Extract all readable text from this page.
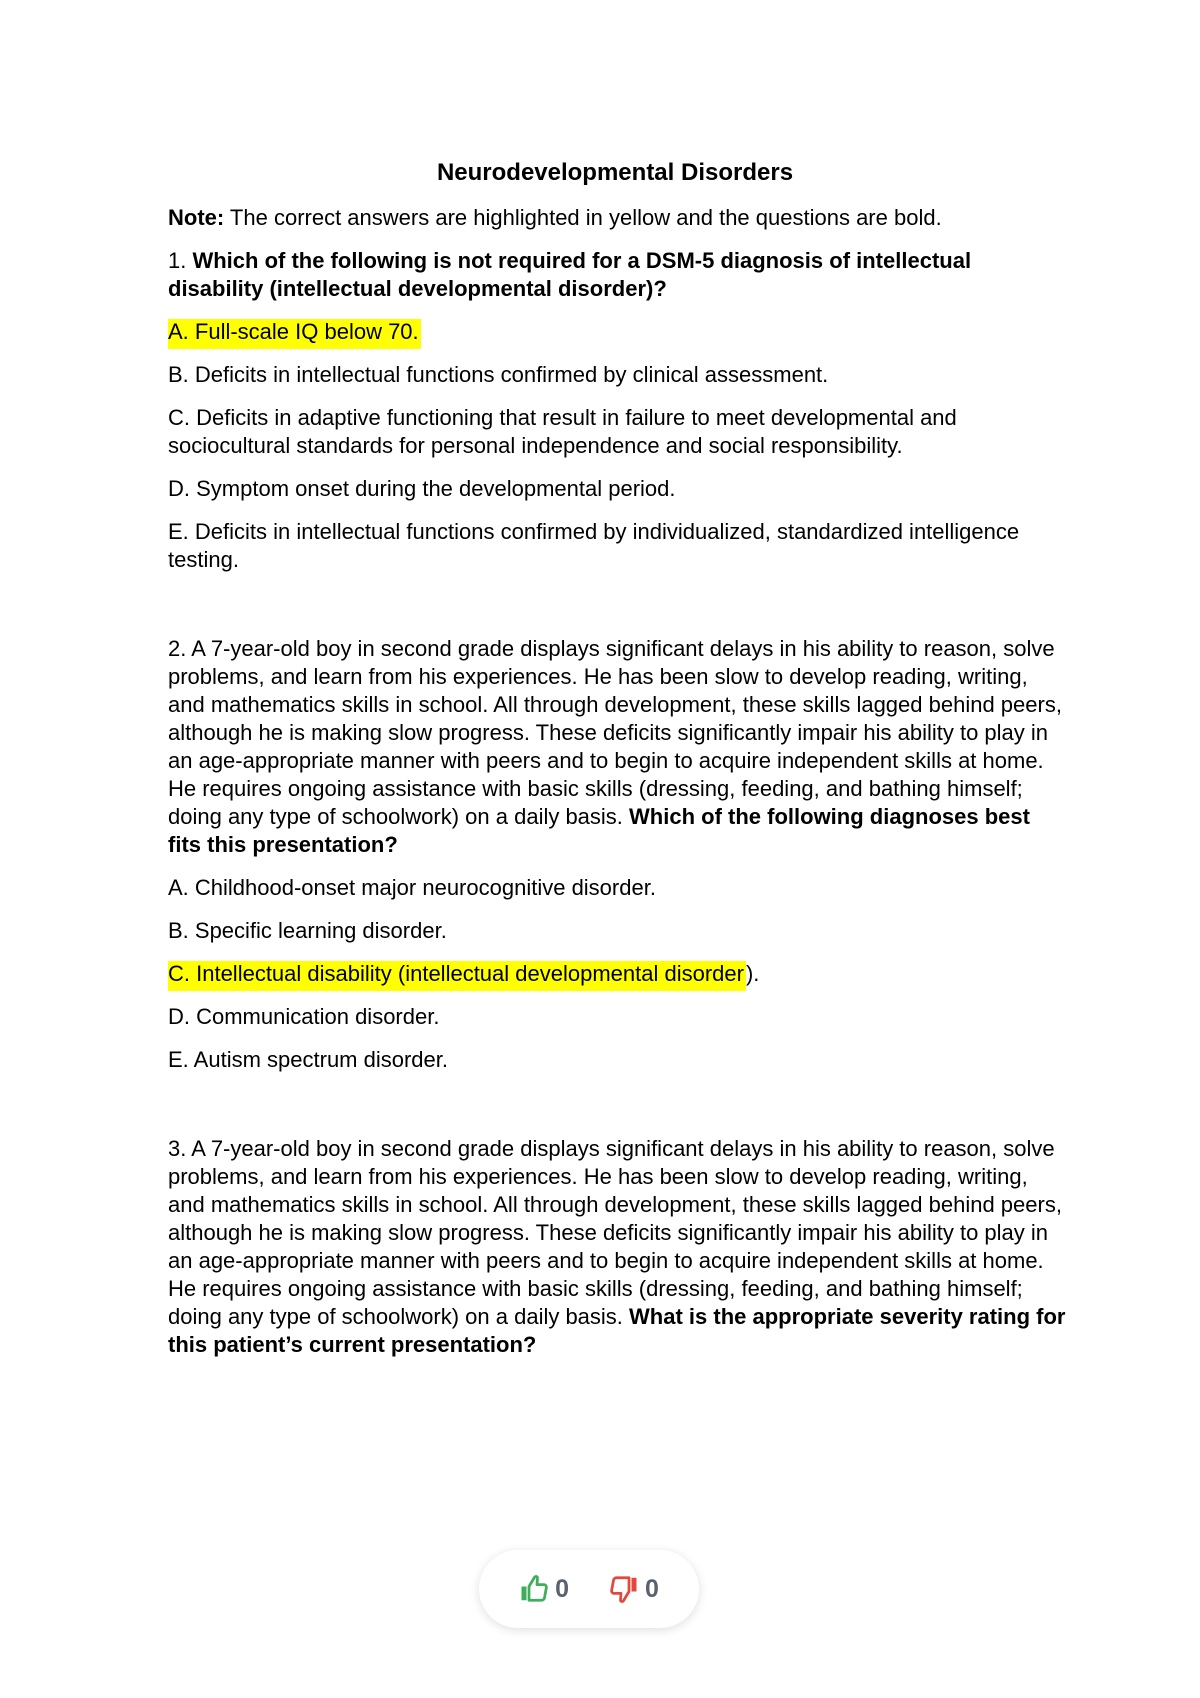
Neurodevelopmental Disorders
Note: The correct answers are highlighted in yellow and the questions are bold.
1. Which of the following is not required for a DSM-5 diagnosis of intellectual disability (intellectual developmental disorder)?
A. Full-scale IQ below 70.
B. Deficits in intellectual functions confirmed by clinical assessment.
C. Deficits in adaptive functioning that result in failure to meet developmental and sociocultural standards for personal independence and social responsibility.
D. Symptom onset during the developmental period.
E. Deficits in intellectual functions confirmed by individualized, standardized intelligence testing.
2. A 7-year-old boy in second grade displays significant delays in his ability to reason, solve problems, and learn from his experiences. He has been slow to develop reading, writing, and mathematics skills in school. All through development, these skills lagged behind peers, although he is making slow progress. These deficits significantly impair his ability to play in an age-appropriate manner with peers and to begin to acquire independent skills at home. He requires ongoing assistance with basic skills (dressing, feeding, and bathing himself; doing any type of schoolwork) on a daily basis. Which of the following diagnoses best fits this presentation?
A. Childhood-onset major neurocognitive disorder.
B. Specific learning disorder.
C. Intellectual disability (intellectual developmental disorder).
D. Communication disorder.
E. Autism spectrum disorder.
3. A 7-year-old boy in second grade displays significant delays in his ability to reason, solve problems, and learn from his experiences. He has been slow to develop reading, writing, and mathematics skills in school. All through development, these skills lagged behind peers, although he is making slow progress. These deficits significantly impair his ability to play in an age-appropriate manner with peers and to begin to acquire independent skills at home. He requires ongoing assistance with basic skills (dressing, feeding, and bathing himself; doing any type of schoolwork) on a daily basis. What is the appropriate severity rating for this patient’s current presentation?
0	0
